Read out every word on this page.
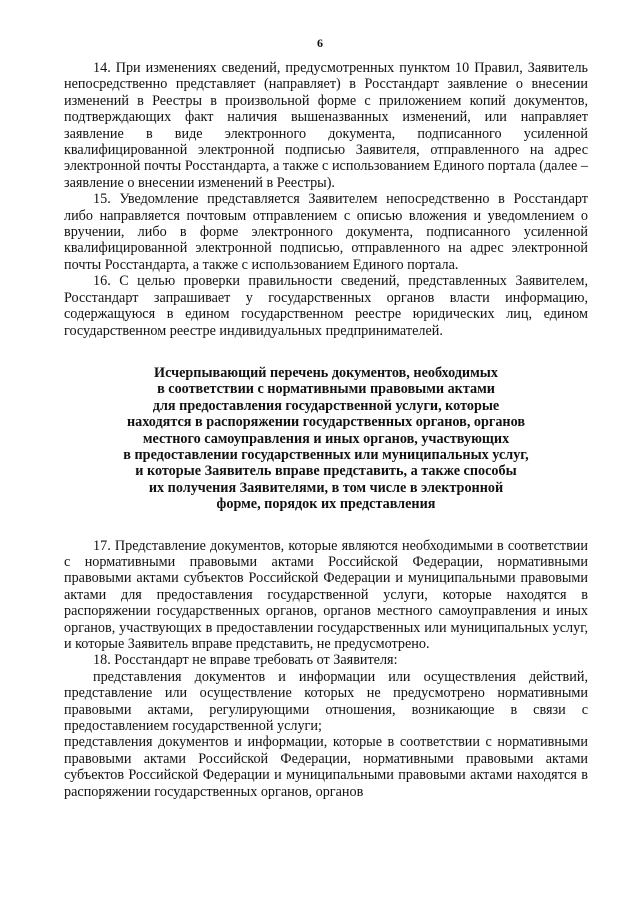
6

14. При изменениях сведений, предусмотренных пунктом 10 Правил, Заявитель непосредственно представляет (направляет) в Росстандарт заявление о внесении изменений в Реестры в произвольной форме с приложением копий документов, подтверждающих факт наличия вышеназванных изменений, или направляет заявление в виде электронного документа, подписанного усиленной квалифицированной электронной подписью Заявителя, отправленного на адрес электронной почты Росстандарта, а также с использованием Единого портала (далее – заявление о внесении изменений в Реестры).

15. Уведомление представляется Заявителем непосредственно в Росстандарт либо направляется почтовым отправлением с описью вложения и уведомлением о вручении, либо в форме электронного документа, подписанного усиленной квалифицированной электронной подписью, отправленного на адрес электронной почты Росстандарта, а также с использованием Единого портала.

16. С целью проверки правильности сведений, представленных Заявителем, Росстандарт запрашивает у государственных органов власти информацию, содержащуюся в едином государственном реестре юридических лиц, едином государственном реестре индивидуальных предпринимателей.

Исчерпывающий перечень документов, необходимых
в соответствии с нормативными правовыми актами
для предоставления государственной услуги, которые
находятся в распоряжении государственных органов, органов
местного самоуправления и иных органов, участвующих
в предоставлении государственных или муниципальных услуг,
и которые Заявитель вправе представить, а также способы
их получения Заявителями, в том числе в электронной
форме, порядок их представления

17. Представление документов, которые являются необходимыми в соответствии с нормативными правовыми актами Российской Федерации, нормативными правовыми актами субъектов Российской Федерации и муниципальными правовыми актами для предоставления государственной услуги, которые находятся в распоряжении государственных органов, органов местного самоуправления и иных органов, участвующих в предоставлении государственных или муниципальных услуг, и которые Заявитель вправе представить, не предусмотрено.

18. Росстандарт не вправе требовать от Заявителя:

представления документов и информации или осуществления действий, представление или осуществление которых не предусмотрено нормативными правовыми актами, регулирующими отношения, возникающие в связи с предоставлением государственной услуги;

представления документов и информации, которые в соответствии с нормативными правовыми актами Российской Федерации, нормативными правовыми актами субъектов Российской Федерации и муниципальными правовыми актами находятся в распоряжении государственных органов, органов
